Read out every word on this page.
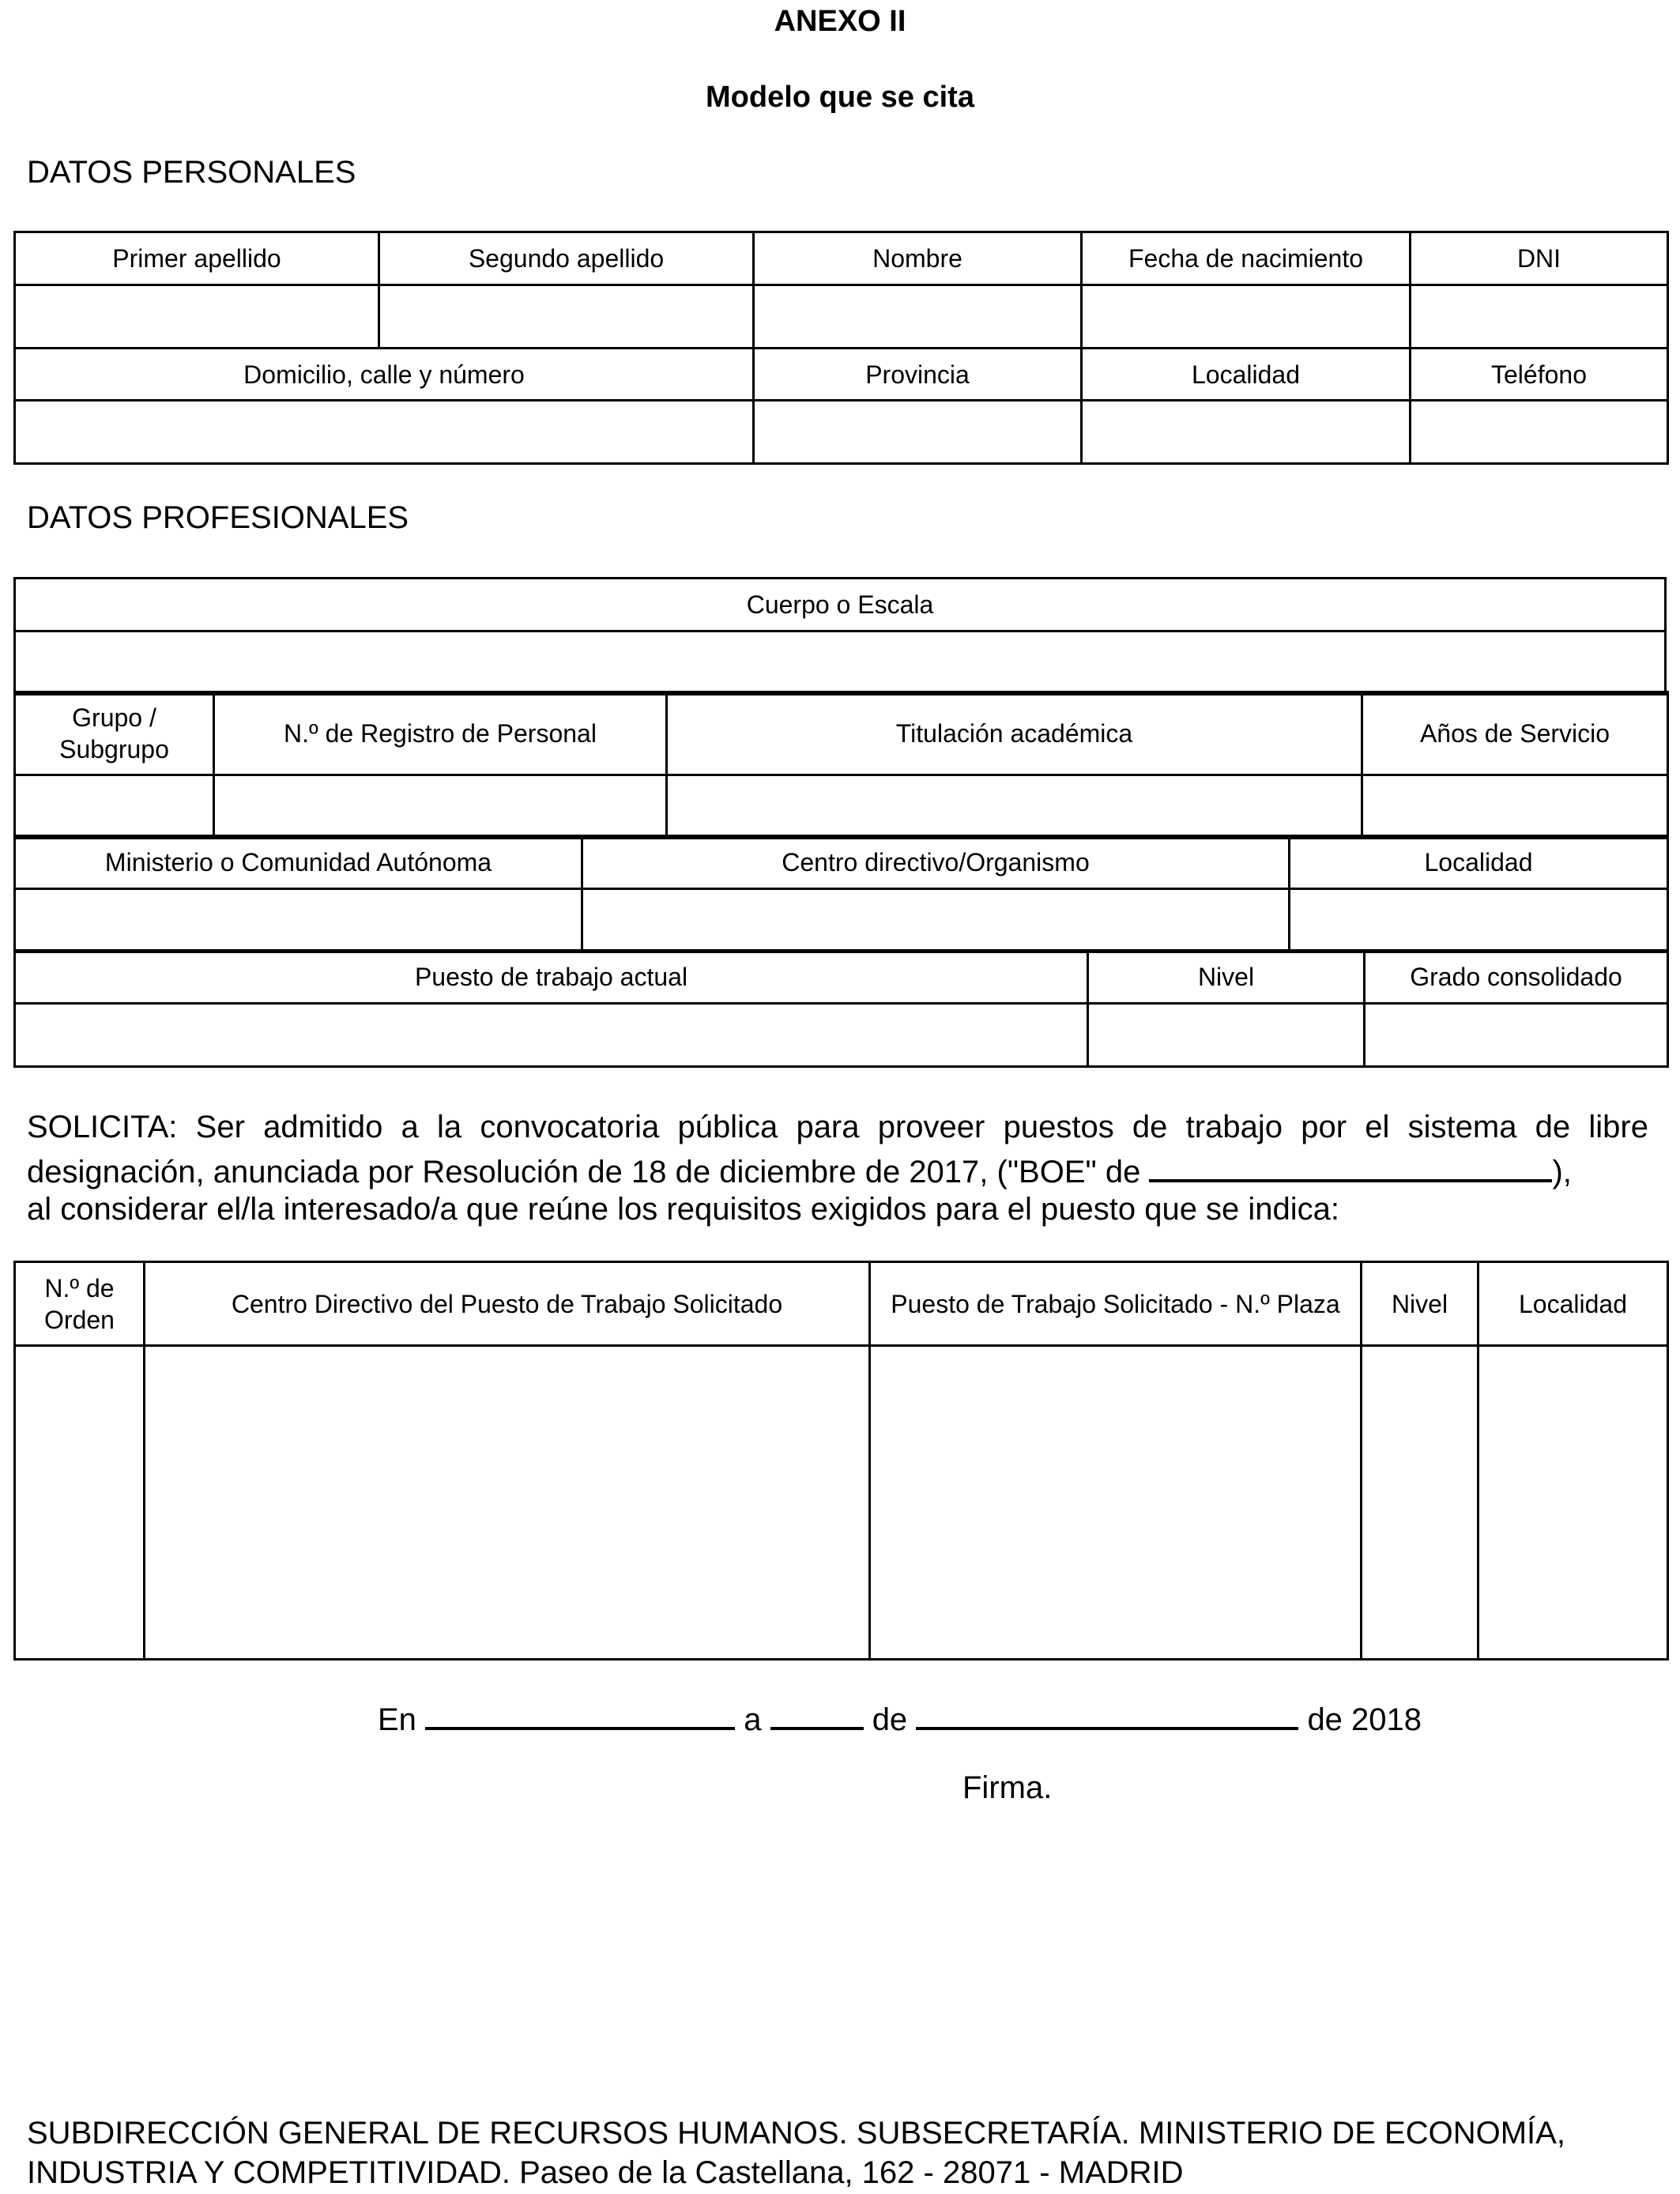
ANEXO II
Modelo que se cita
DATOS PERSONALES
Primer apellido	Segundo apellido	Nombre	Fecha de nacimiento	DNI

Domicilio, calle y número		Provincia	Localidad	Teléfono

DATOS PROFESIONALES
Cuerpo o Escala

Grupo / Subgrupo	N.º de Registro de Personal	Titulación académica	Años de Servicio

Ministerio o Comunidad Autónoma	Centro directivo/Organismo	Localidad

Puesto de trabajo actual	Nivel	Grado consolidado

SOLICITA: Ser admitido a la convocatoria pública para proveer puestos de trabajo por el sistema de libre designación, anunciada por Resolución de 18 de diciembre de 2017, ("BOE" de	),
al considerar el/la interesado/a que reúne los requisitos exigidos para el puesto que se indica:
N.º de Orden	Centro Directivo del Puesto de Trabajo Solicitado	Puesto de Trabajo Solicitado - N.º Plaza	Nivel	Localidad

En	a	de	de 2018
Firma.
SUBDIRECCIÓN GENERAL DE RECURSOS HUMANOS. SUBSECRETARÍA. MINISTERIO DE ECONOMÍA,
INDUSTRIA Y COMPETITIVIDAD. Paseo de la Castellana, 162 - 28071 - MADRID
